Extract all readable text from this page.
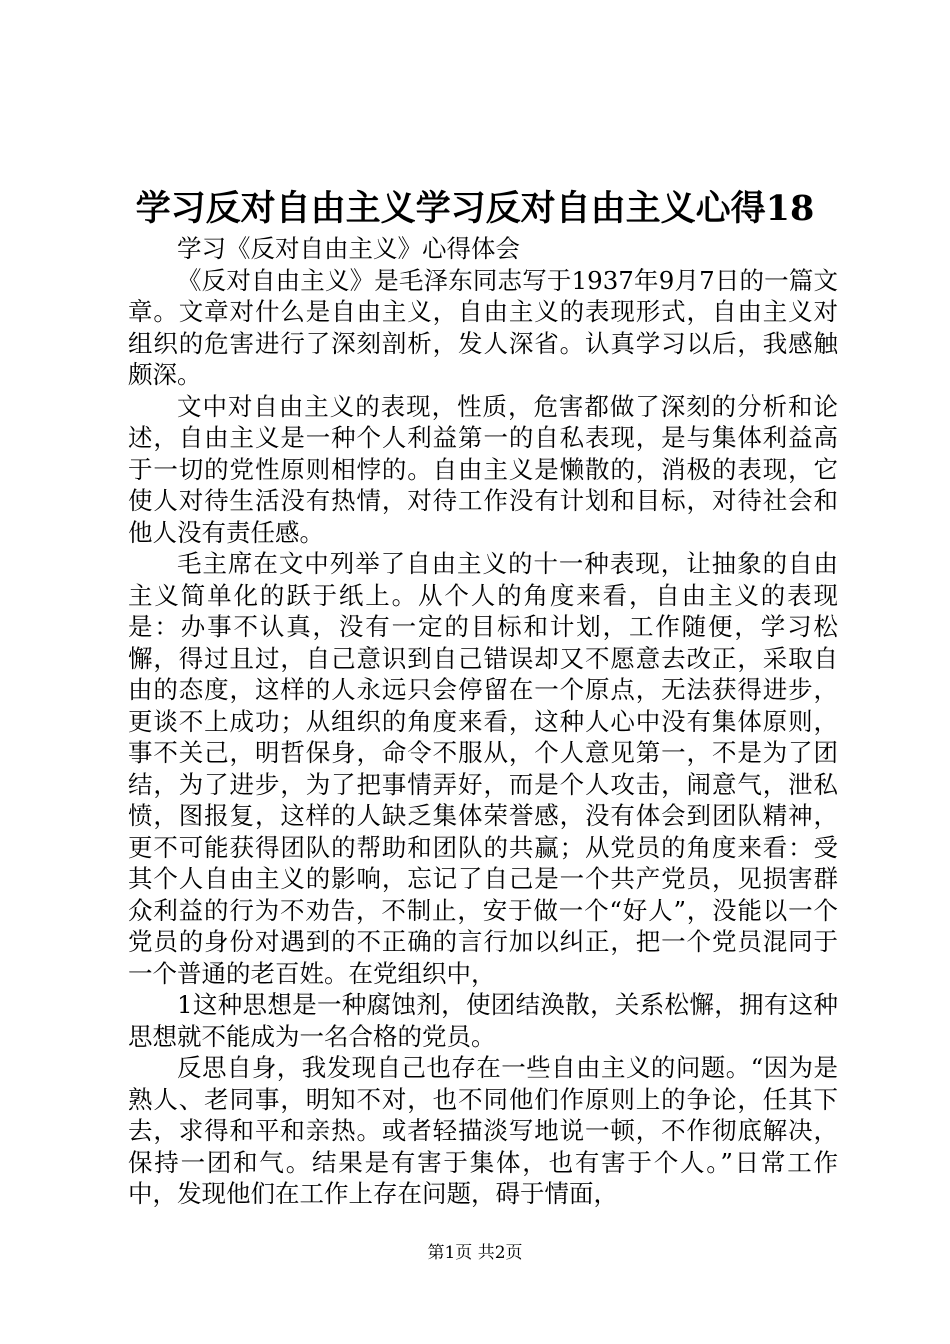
学习反对自由主义学习反对自由主义心得18

学习《反对自由主义》心得体会

《反对自由主义》是毛泽东同志写于1937年9月7日的一篇文章。文章对什么是自由主义，自由主义的表现形式，自由主义对组织的危害进行了深刻剖析，发人深省。认真学习以后，我感触颇深。

文中对自由主义的表现，性质，危害都做了深刻的分析和论述，自由主义是一种个人利益第一的自私表现，是与集体利益高于一切的党性原则相悖的。自由主义是懒散的，消极的表现，它使人对待生活没有热情，对待工作没有计划和目标，对待社会和他人没有责任感。

毛主席在文中列举了自由主义的十一种表现，让抽象的自由主义简单化的跃于纸上。从个人的角度来看，自由主义的表现是：办事不认真，没有一定的目标和计划，工作随便，学习松懈，得过且过，自己意识到自己错误却又不愿意去改正，采取自由的态度，这样的人永远只会停留在一个原点，无法获得进步，更谈不上成功；从组织的角度来看，这种人心中没有集体原则，事不关己，明哲保身，命令不服从，个人意见第一，不是为了团结，为了进步，为了把事情弄好，而是个人攻击，闹意气，泄私愤，图报复，这样的人缺乏集体荣誉感，没有体会到团队精神，更不可能获得团队的帮助和团队的共赢；从党员的角度来看：受其个人自由主义的影响，忘记了自己是一个共产党员，见损害群众利益的行为不劝告，不制止，安于做一个“好人”，没能以一个党员的身份对遇到的不正确的言行加以纠正，把一个党员混同于一个普通的老百姓。在党组织中，

1这种思想是一种腐蚀剂，使团结涣散，关系松懈，拥有这种思想就不能成为一名合格的党员。

反思自身，我发现自己也存在一些自由主义的问题。“因为是熟人、老同事，明知不对，也不同他们作原则上的争论，任其下去，求得和平和亲热。或者轻描淡写地说一顿，不作彻底解决，保持一团和气。结果是有害于集体，也有害于个人。”日常工作中，发现他们在工作上存在问题，碍于情面，

第1页 共2页
